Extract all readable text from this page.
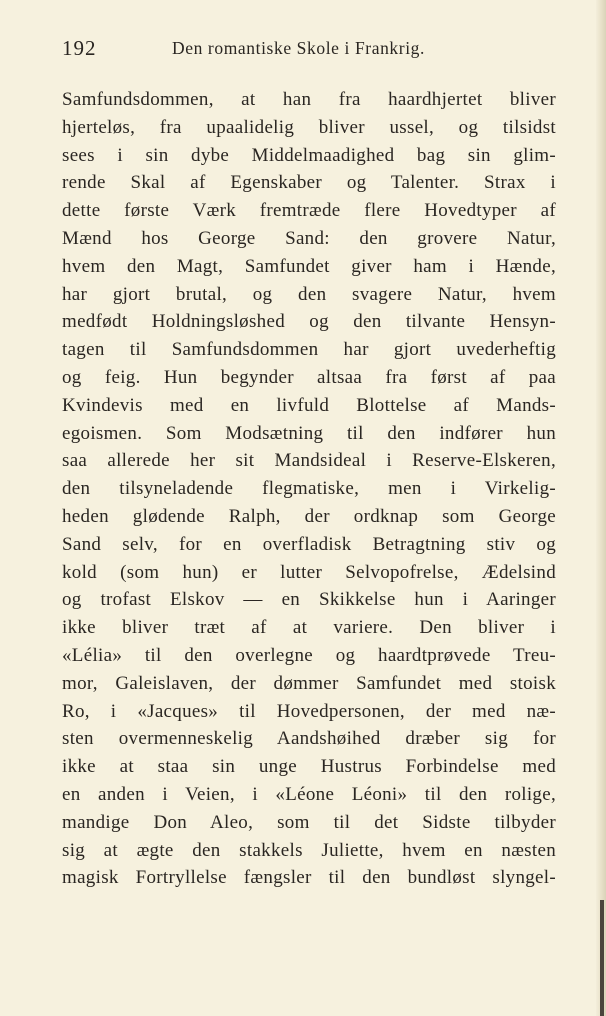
192	Den romantiske Skole i Frankrig.
Samfundsdommen, at han fra haardhjertet bliver
hjerteløs, fra upaalidelig bliver ussel, og tilsidst
sees i sin dybe Middelmaadighed bag sin glim-
rende Skal af Egenskaber og Talenter. Strax i
dette første Værk fremtræde flere Hovedtyper af
Mænd hos George Sand: den grovere Natur,
hvem den Magt, Samfundet giver ham i Hænde,
har gjort brutal, og den svagere Natur, hvem
medfødt Holdningsløshed og den tilvante Hensyn-
tagen til Samfundsdommen har gjort uvederheftig
og feig. Hun begynder altsaa fra først af paa
Kvindevis med en livfuld Blottelse af Mands-
egoismen. Som Modsætning til den indfører hun
saa allerede her sit Mandsideal i Reserve-Elskeren,
den tilsyneladende flegmatiske, men i Virkelig-
heden glødende Ralph, der ordknap som George
Sand selv, for en overfladisk Betragtning stiv og
kold (som hun) er lutter Selvopofrelse, Ædelsind
og trofast Elskov — en Skikkelse hun i Aaringer
ikke bliver træt af at variere. Den bliver i
«Lélia» til den overlegne og haardtprøvede Treu-
mor, Galeislaven, der dømmer Samfundet med stoisk
Ro, i «Jacques» til Hovedpersonen, der med næ-
sten overmenneskelig Aandshøihed dræber sig for
ikke at staa sin unge Hustrus Forbindelse med
en anden i Veien, i «Léone Léoni» til den rolige,
mandige Don Aleo, som til det Sidste tilbyder
sig at ægte den stakkels Juliette, hvem en næsten
magisk Fortryllelse fængsler til den bundløst slyngel-
